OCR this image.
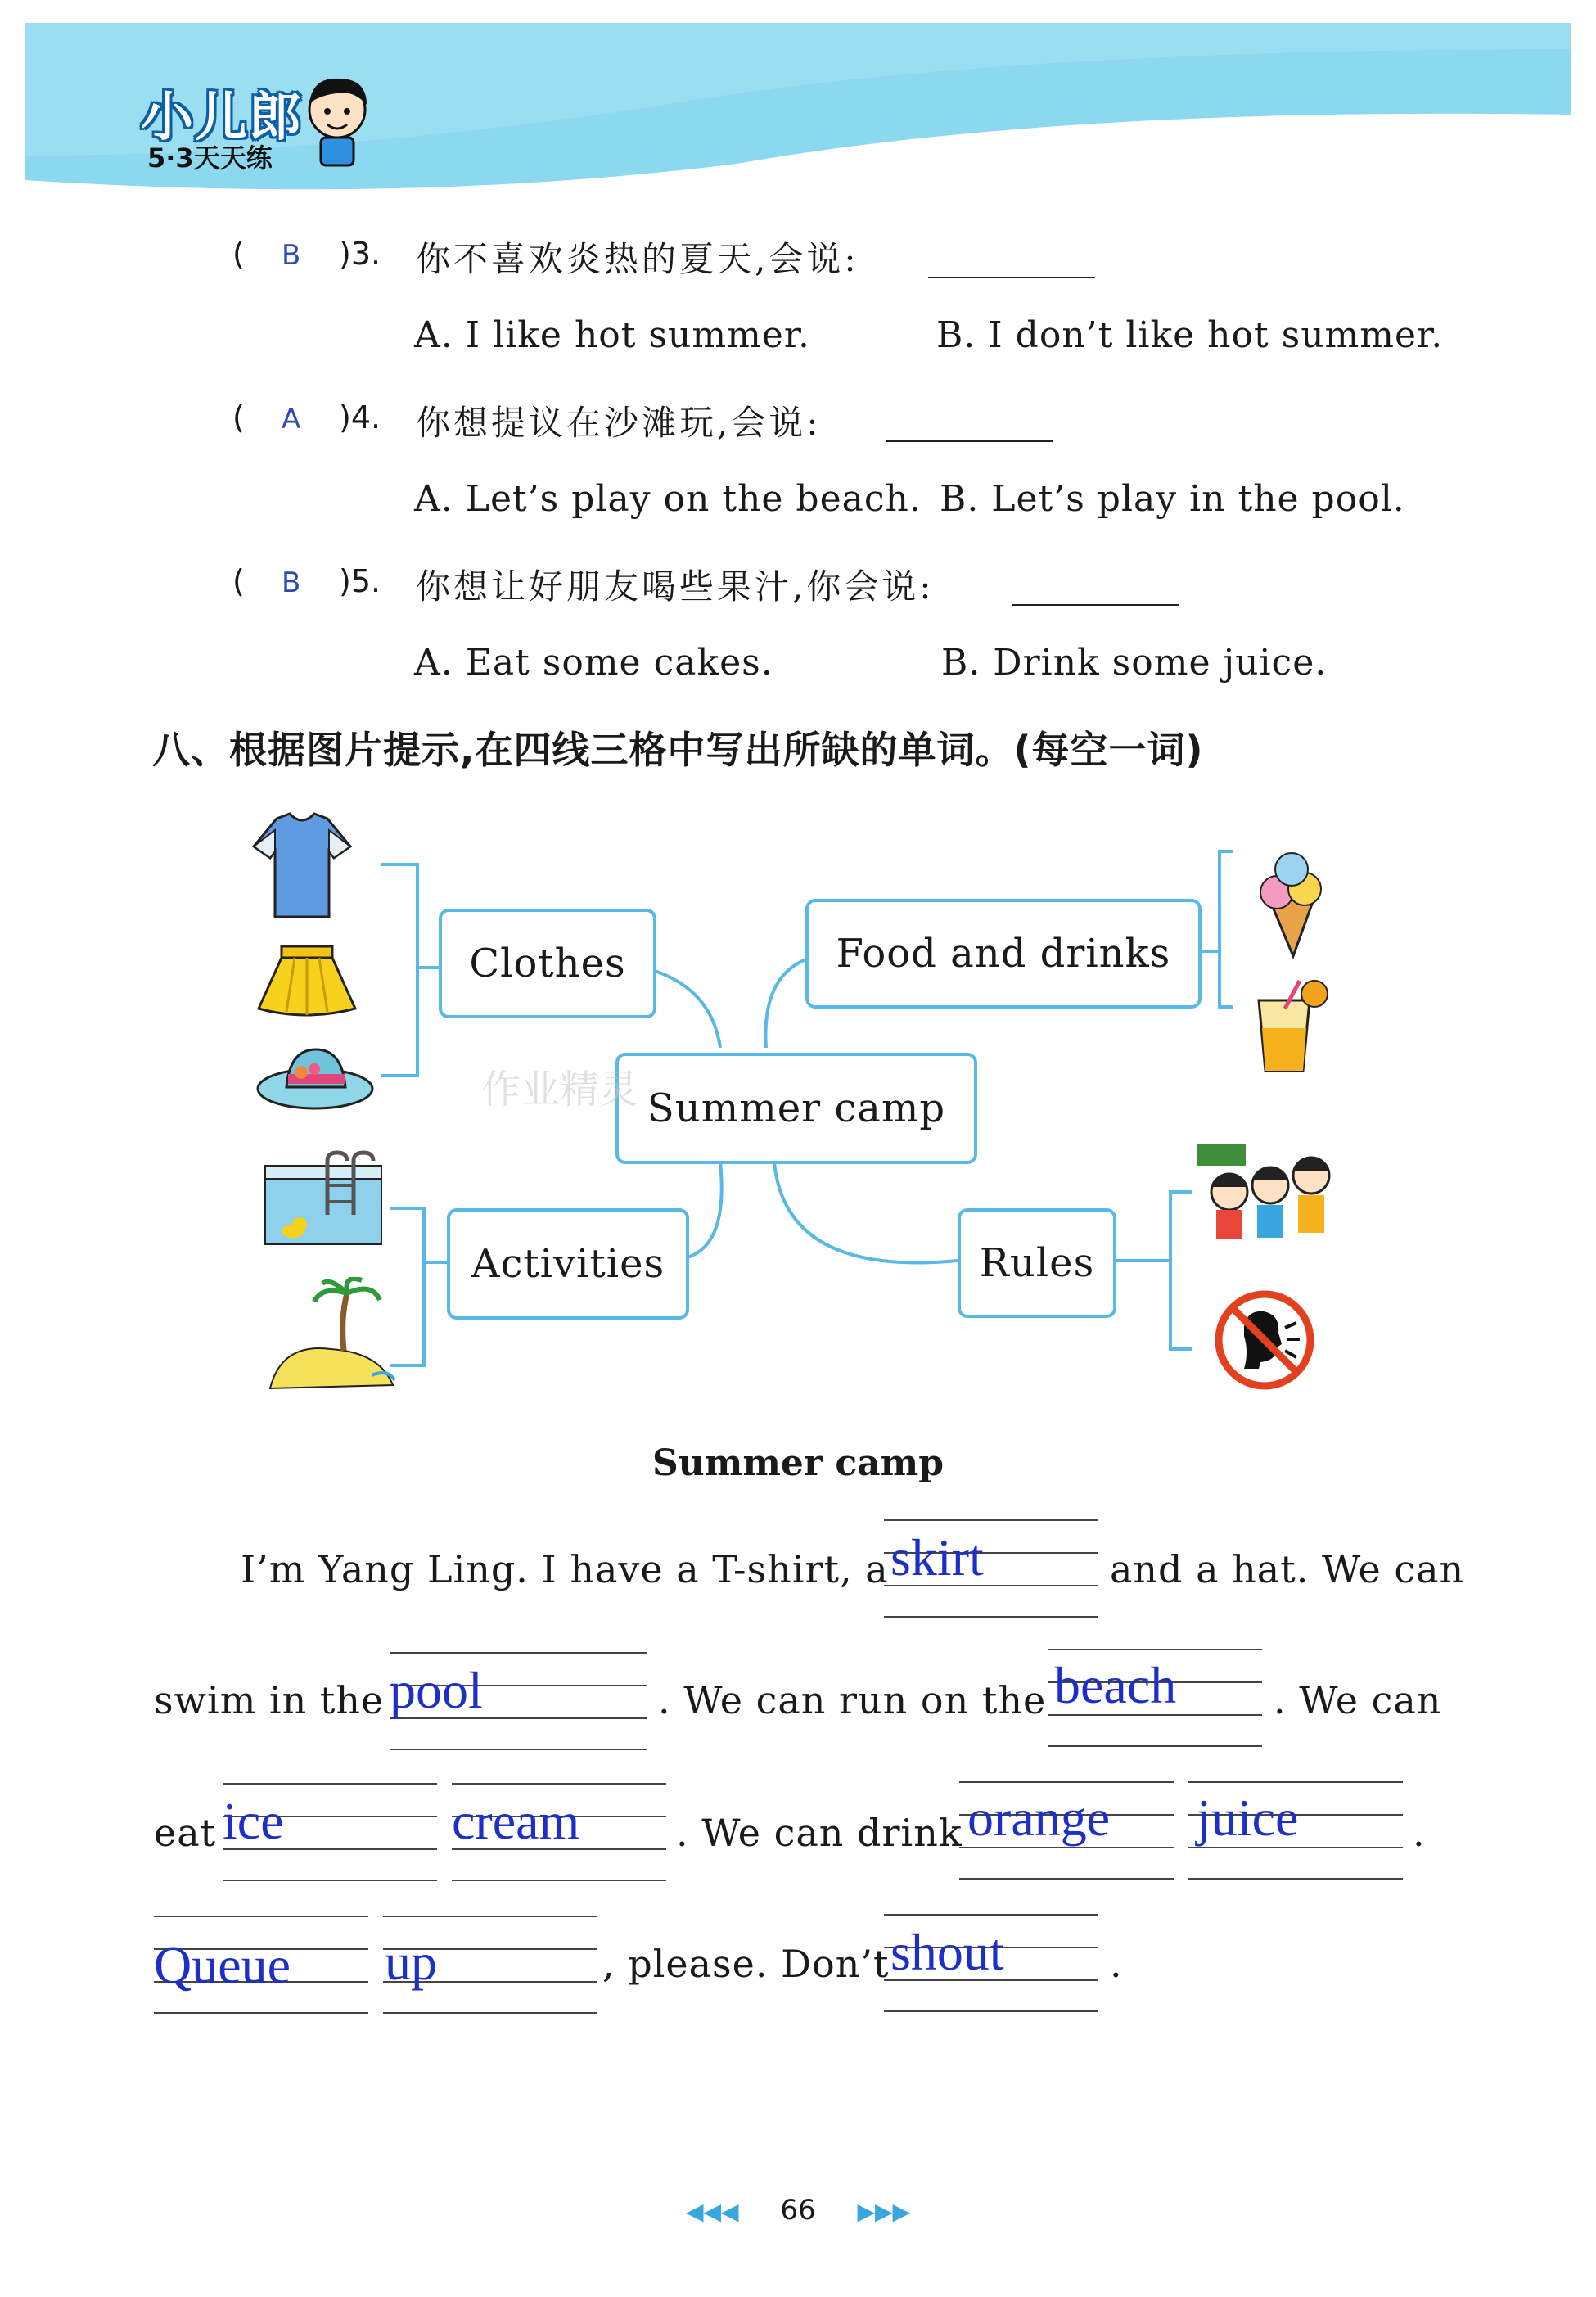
小儿郎
5·3天天练
( B )3. 你不喜欢炎热的夏天,会说:
A. I like hot summer.	B. I don’t like hot summer.
( A )4. 你想提议在沙滩玩,会说:
A. Let’s play on the beach. B. Let’s play in the pool.
( B )5. 你想让好朋友喝些果汁,你会说:
A. Eat some cakes.	B. Drink some juice.
八、根据图片提示,在四线三格中写出所缺的单词。(每空一词)
Clothes	Food and drinks
Summer camp
Activities	Rules
作业精灵
Summer camp
I’m Yang Ling. I have a T-shirt, a skirt	and a hat. We can
swim in the pool	. We can run on the beach	. We can
eat ice	cream	. We can drink orange juice	.
Queue up	, please. Don’t shout	.
◀◀◀ 66 ▶▶▶
